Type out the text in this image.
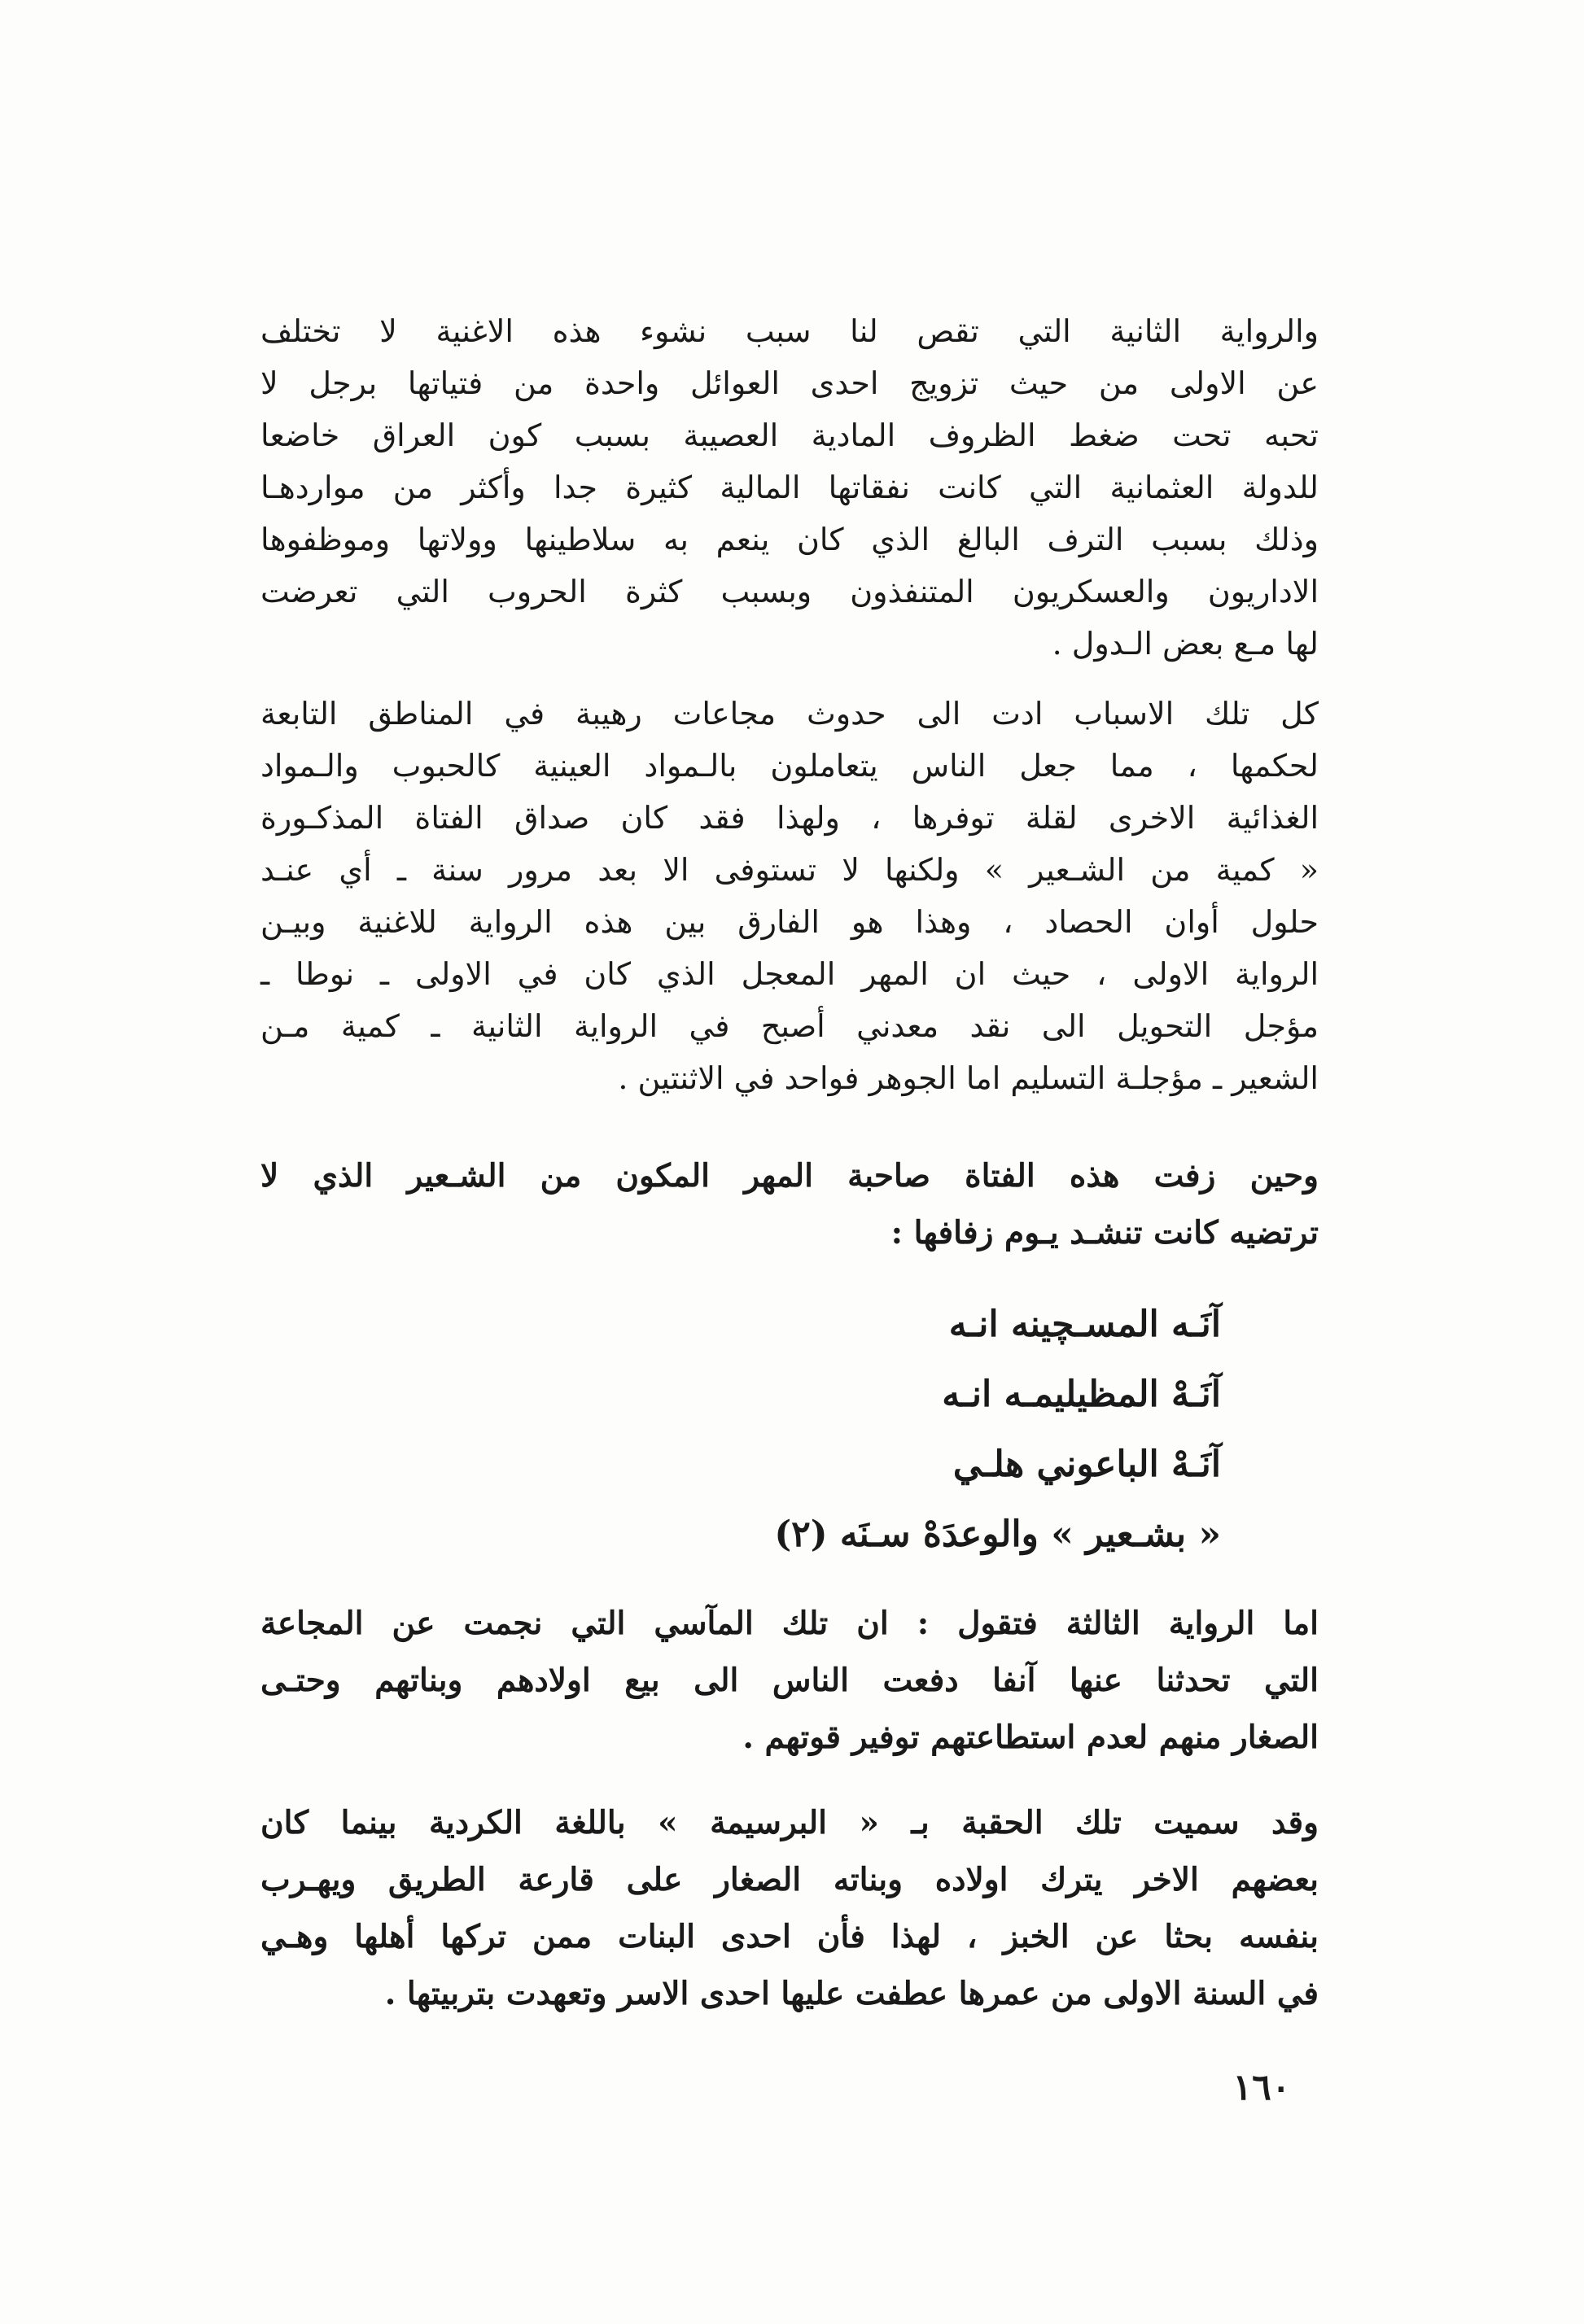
والرواية الثانية التي تقص لنا سبب نشوء هذه الاغنية لا تختلف
عن الاولى من حيث تزويج احدى العوائل واحدة من فتياتها برجل لا
تحبه تحت ضغط الظروف المادية العصيبة بسبب كون العراق خاضعا
للدولة العثمانية التي كانت نفقاتها المالية كثيرة جدا وأكثر من مواردهـا
وذلك بسبب الترف البالغ الذي كان ينعم به سلاطينها وولاتها وموظفوها
الاداريون والعسكريون المتنفذون وبسبب كثرة الحروب التي تعرضت
لها مـع بعض الـدول .

كل تلك الاسباب ادت الى حدوث مجاعات رهيبة في المناطق التابعة
لحكمها ، مما جعل الناس يتعاملون بالـمواد العينية كالحبوب والـمواد
الغذائية الاخرى لقلة توفرها ، ولهذا فقد كان صداق الفتاة المذكـورة
« كمية من الشـعير » ولكنها لا تستوفى الا بعد مرور سنة ـ أي عنـد
حلول أوان الحصاد ، وهذا هو الفارق بين هذه الرواية للاغنية وبيـن
الرواية الاولى ، حيث ان المهر المعجل الذي كان في الاولى ـ نوطا ـ
مؤجل التحويل الى نقد معدني أصبح في الرواية الثانية ـ كمية مـن
الشعير ـ مؤجلـة التسليم اما الجوهر فواحد في الاثنتين .

وحين زفت هذه الفتاة صاحبة المهر المكون من الشـعير الذي لا
ترتضيه كانت تنشـد يـوم زفافها :

آنَـه المسـچينه انـه
آنَـهْ المظيليمـه انـه
آنَـهْ الباعوني هلـي
« بشـعير » والوعدَهْ سـنَه (٢)

اما الرواية الثالثة فتقول : ان تلك المآسي التي نجمت عن المجاعة
التي تحدثنا عنها آنفا دفعت الناس الى بيع اولادهم وبناتهم وحتـى
الصغار منهم لعدم استطاعتهم توفير قوتهم .

وقد سميت تلك الحقبة بـ « البرسيمة » باللغة الكردية بينما كان
بعضهم الاخر يترك اولاده وبناته الصغار على قارعة الطريق ويهـرب
بنفسه بحثا عن الخبز ، لهذا فأن احدى البنات ممن تركها أهلها وهـي
في السنة الاولى من عمرها عطفت عليها احدى الاسر وتعهدت بتربيتها .

١٦٠
